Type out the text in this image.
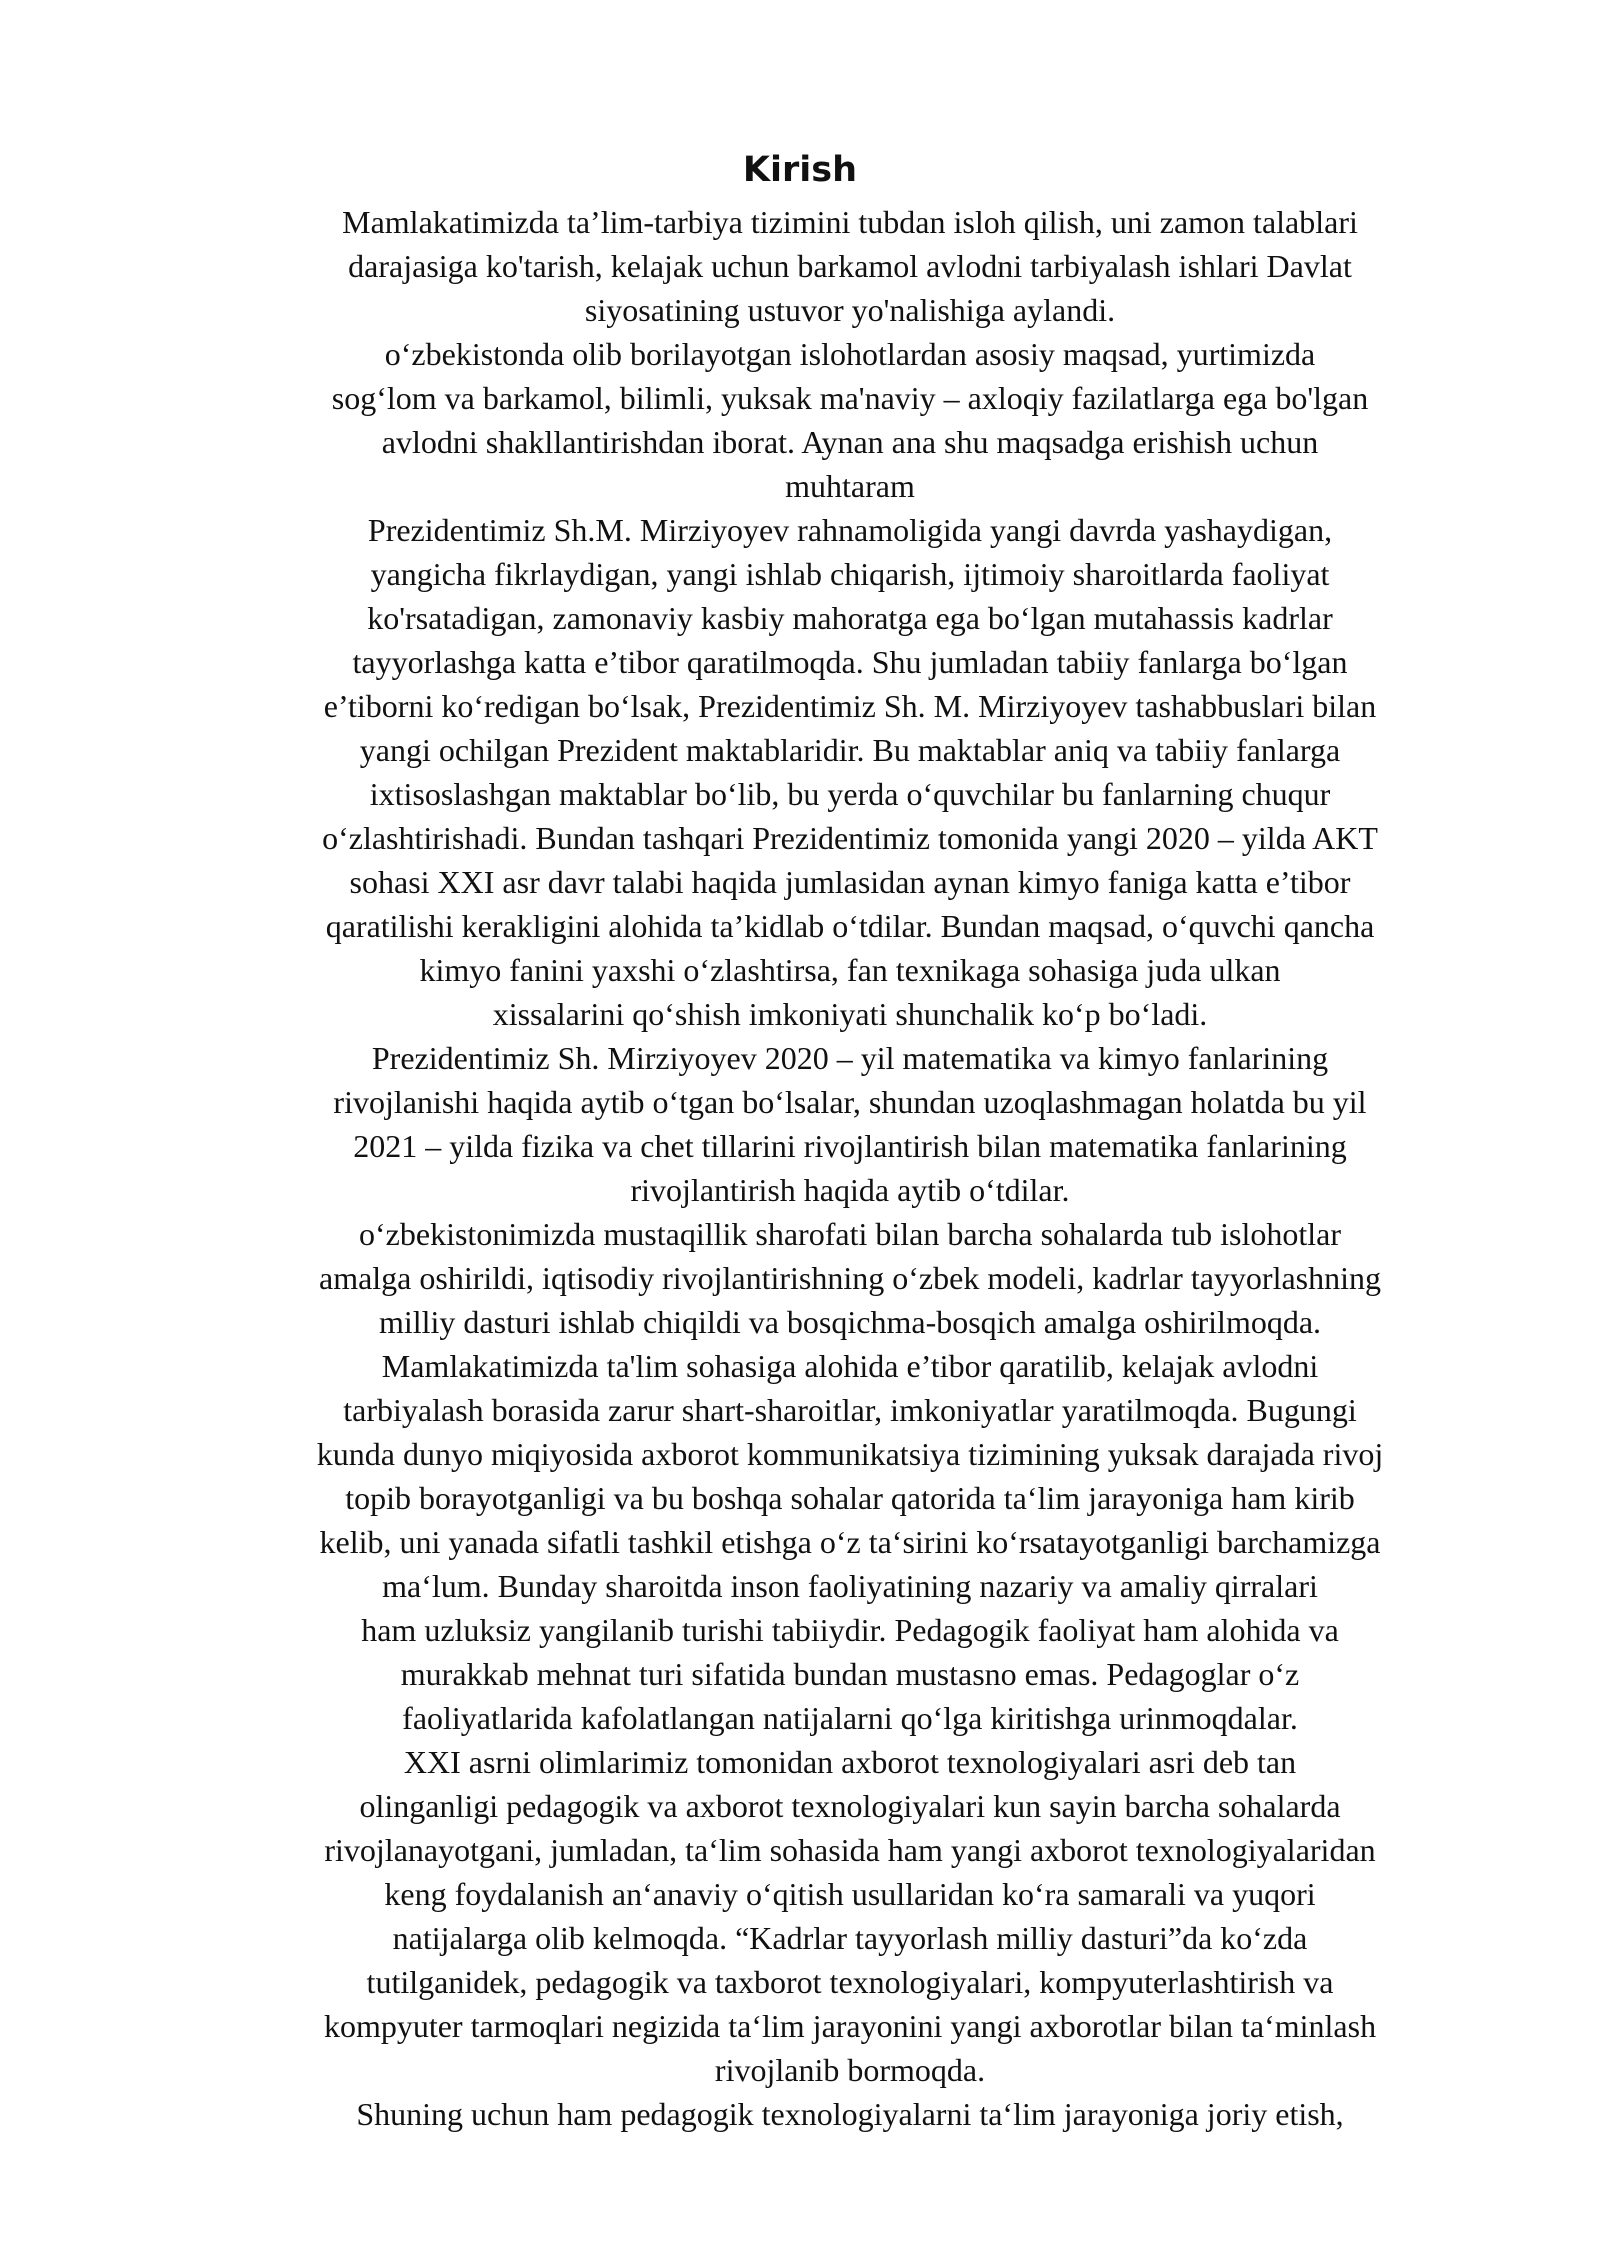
Kirish
Mamlakatimizda ta’lim-tarbiya tizimini tubdan isloh qilish, uni zamon talablari
darajasiga ko'tarish, kelajak uchun barkamol avlodni tarbiyalash ishlari Davlat
siyosatining ustuvor yo'nalishiga aylandi.
o‘zbekistonda olib borilayotgan islohotlardan asosiy maqsad, yurtimizda
sog‘lom va barkamol, bilimli, yuksak ma'naviy – axloqiy fazilatlarga ega bo'lgan
avlodni shakllantirishdan iborat. Aynan ana shu maqsadga erishish uchun
muhtaram
Prezidentimiz Sh.M. Mirziyoyev rahnamoligida yangi davrda yashaydigan,
yangicha fikrlaydigan, yangi ishlab chiqarish, ijtimoiy sharoitlarda faoliyat
ko'rsatadigan, zamonaviy kasbiy mahoratga ega bo‘lgan mutahassis kadrlar
tayyorlashga katta e’tibor qaratilmoqda. Shu jumladan tabiiy fanlarga bo‘lgan
e’tiborni ko‘redigan bo‘lsak, Prezidentimiz Sh. M. Mirziyoyev tashabbuslari bilan
yangi ochilgan Prezident maktablaridir. Bu maktablar aniq va tabiiy fanlarga
ixtisoslashgan maktablar bo‘lib, bu yerda o‘quvchilar bu fanlarning chuqur
o‘zlashtirishadi. Bundan tashqari Prezidentimiz tomonida yangi 2020 – yilda AKT
sohasi XXI asr davr talabi haqida jumlasidan aynan kimyo faniga katta e’tibor
qaratilishi kerakligini alohida ta’kidlab o‘tdilar. Bundan maqsad, o‘quvchi qancha
kimyo fanini yaxshi o‘zlashtirsa, fan texnikaga sohasiga juda ulkan
xissalarini qo‘shish imkoniyati shunchalik ko‘p bo‘ladi.
Prezidentimiz Sh. Mirziyoyev 2020 – yil matematika va kimyo fanlarining
rivojlanishi haqida aytib o‘tgan bo‘lsalar, shundan uzoqlashmagan holatda bu yil
2021 – yilda fizika va chet tillarini rivojlantirish bilan matematika fanlarining
rivojlantirish haqida aytib o‘tdilar.
o‘zbekistonimizda mustaqillik sharofati bilan barcha sohalarda tub islohotlar
amalga oshirildi, iqtisodiy rivojlantirishning o‘zbek modeli, kadrlar tayyorlashning
milliy dasturi ishlab chiqildi va bosqichma-bosqich amalga oshirilmoqda.
Mamlakatimizda ta'lim sohasiga alohida e’tibor qaratilib, kelajak avlodni
tarbiyalash borasida zarur shart-sharoitlar, imkoniyatlar yaratilmoqda. Bugungi
kunda dunyo miqiyosida axborot kommunikatsiya tizimining yuksak darajada rivoj
topib borayotganligi va bu boshqa sohalar qatorida ta‘lim jarayoniga ham kirib
kelib, uni yanada sifatli tashkil etishga o‘z ta‘sirini ko‘rsatayotganligi barchamizga
ma‘lum. Bunday sharoitda inson faoliyatining nazariy va amaliy qirralari
ham uzluksiz yangilanib turishi tabiiydir. Pedagogik faoliyat ham alohida va
murakkab mehnat turi sifatida bundan mustasno emas. Pedagoglar o‘z
faoliyatlarida kafolatlangan natijalarni qo‘lga kiritishga urinmoqdalar.
XXI asrni olimlarimiz tomonidan axborot texnologiyalari asri deb tan
olinganligi pedagogik va axborot texnologiyalari kun sayin barcha sohalarda
rivojlanayotgani, jumladan, ta‘lim sohasida ham yangi axborot texnologiyalaridan
keng foydalanish an‘anaviy o‘qitish usullaridan ko‘ra samarali va yuqori
natijalarga olib kelmoqda. “Kadrlar tayyorlash milliy dasturi”da ko‘zda
tutilganidek, pedagogik va taxborot texnologiyalari, kompyuterlashtirish va
kompyuter tarmoqlari negizida ta‘lim jarayonini yangi axborotlar bilan ta‘minlash
rivojlanib bormoqda.
Shuning uchun ham pedagogik texnologiyalarni ta‘lim jarayoniga joriy etish,
